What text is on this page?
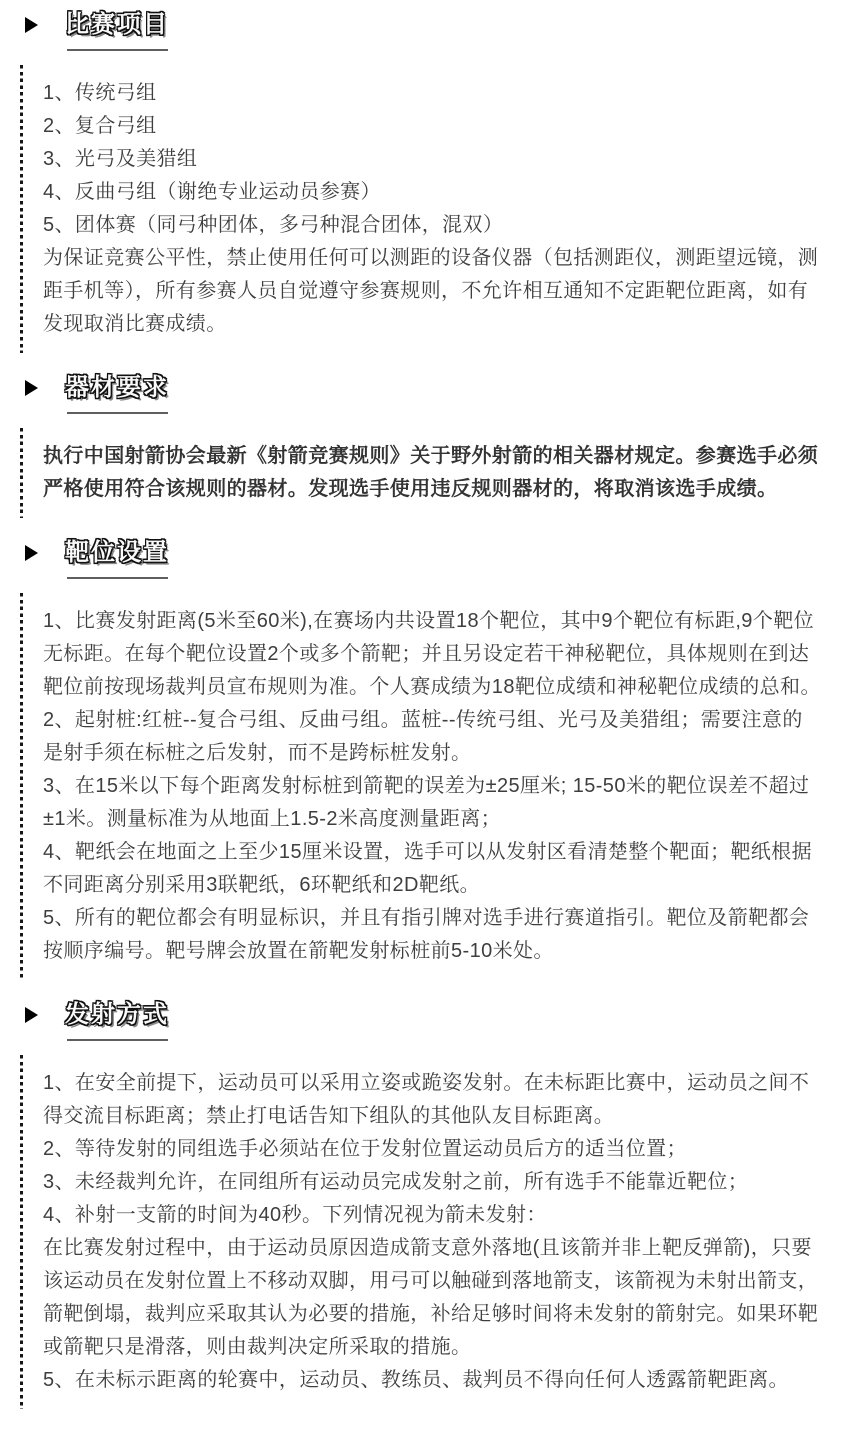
比赛项目

1、传统弓组

2、复合弓组

3、光弓及美猎组

4、反曲弓组（谢绝专业运动员参赛）

5、团体赛（同弓种团体，多弓种混合团体，混双）

为保证竞赛公平性，禁止使用任何可以测距的设备仪器（包括测距仪，测距望远镜，测距手机等），所有参赛人员自觉遵守参赛规则，不允许相互通知不定距靶位距离，如有发现取消比赛成绩。

器材要求

执行中国射箭协会最新《射箭竞赛规则》关于野外射箭的相关器材规定。参赛选手必须严格使用符合该规则的器材。发现选手使用违反规则器材的，将取消该选手成绩。

靶位设置

1、比赛发射距离(5米至60米),在赛场内共设置18个靶位，其中9个靶位有标距,9个靶位无标距。在每个靶位设置2个或多个箭靶；并且另设定若干神秘靶位，具体规则在到达靶位前按现场裁判员宣布规则为准。个人赛成绩为18靶位成绩和神秘靶位成绩的总和。

2、起射桩:红桩--复合弓组、反曲弓组。蓝桩--传统弓组、光弓及美猎组；需要注意的是射手须在标桩之后发射，而不是跨标桩发射。

3、在15米以下每个距离发射标桩到箭靶的误差为±25厘米; 15-50米的靶位误差不超过±1米。测量标准为从地面上1.5-2米高度测量距离；

4、靶纸会在地面之上至少15厘米设置，选手可以从发射区看清楚整个靶面；靶纸根据不同距离分别采用3联靶纸，6环靶纸和2D靶纸。

5、所有的靶位都会有明显标识，并且有指引牌对选手进行赛道指引。靶位及箭靶都会按顺序编号。靶号牌会放置在箭靶发射标桩前5-10米处。

发射方式

1、在安全前提下，运动员可以采用立姿或跪姿发射。在未标距比赛中，运动员之间不得交流目标距离；禁止打电话告知下组队的其他队友目标距离。

2、等待发射的同组选手必须站在位于发射位置运动员后方的适当位置；

3、未经裁判允许，在同组所有运动员完成发射之前，所有选手不能靠近靶位；

4、补射一支箭的时间为40秒。下列情况视为箭未发射：

在比赛发射过程中，由于运动员原因造成箭支意外落地(且该箭并非上靶反弹箭)，只要该运动员在发射位置上不移动双脚，用弓可以触碰到落地箭支，该箭视为未射出箭支，箭靶倒塌，裁判应采取其认为必要的措施，补给足够时间将未发射的箭射完。如果环靶或箭靶只是滑落，则由裁判决定所采取的措施。

5、在未标示距离的轮赛中，运动员、教练员、裁判员不得向任何人透露箭靶距离。
